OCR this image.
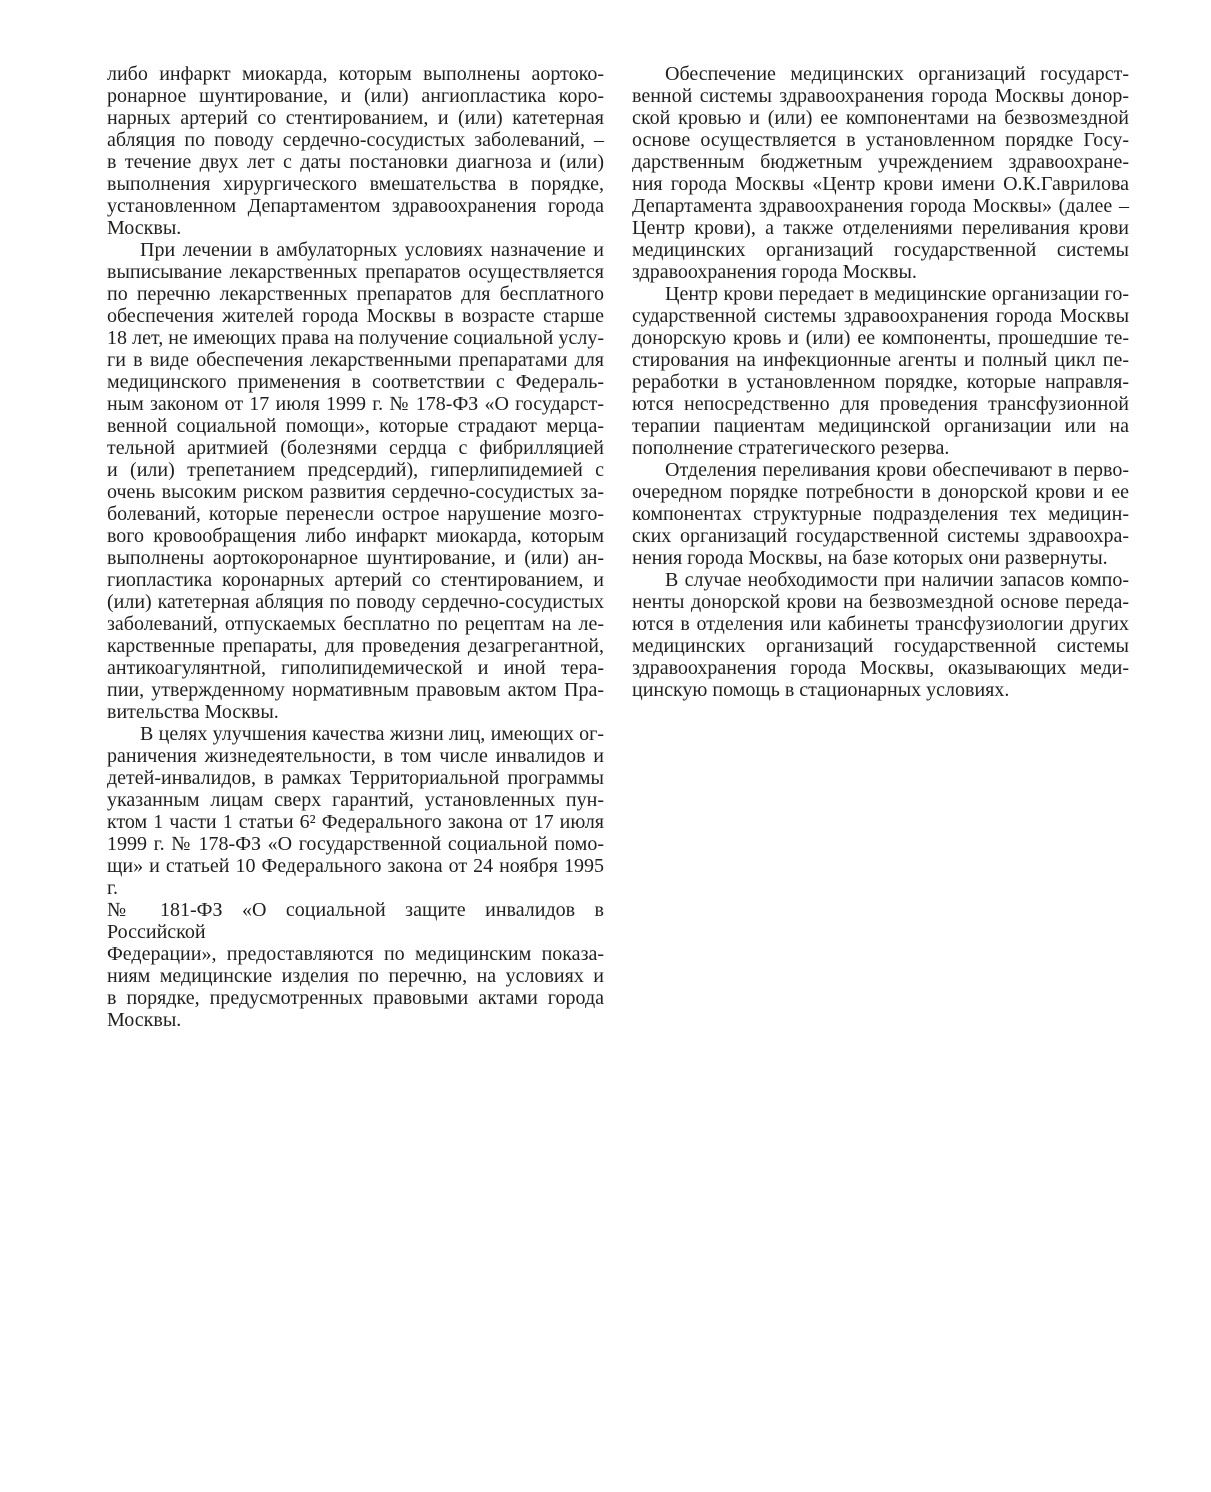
либо инфаркт миокарда, которым выполнены аортоко-
ронарное шунтирование, и (или) ангиопластика коро-
нарных артерий со стентированием, и (или) катетерная
абляция по поводу сердечно-сосудистых заболеваний, –
в течение двух лет с даты постановки диагноза и (или)
выполнения хирургического вмешательства в порядке,
установленном Департаментом здравоохранения города
Москвы.
При лечении в амбулаторных условиях назначение и
выписывание лекарственных препаратов осуществляется
по перечню лекарственных препаратов для бесплатного
обеспечения жителей города Москвы в возрасте старше
18 лет, не имеющих права на получение социальной услу-
ги в виде обеспечения лекарственными препаратами для
медицинского применения в соответствии с Федераль-
ным законом от 17 июля 1999 г. № 178-ФЗ «О государст-
венной социальной помощи», которые страдают мерца-
тельной аритмией (болезнями сердца с фибрилляцией
и (или) трепетанием предсердий), гиперлипидемией с
очень высоким риском развития сердечно-сосудистых за-
болеваний, которые перенесли острое нарушение мозго-
вого кровообращения либо инфаркт миокарда, которым
выполнены аортокоронарное шунтирование, и (или) ан-
гиопластика коронарных артерий со стентированием, и
(или) катетерная абляция по поводу сердечно-сосудистых
заболеваний, отпускаемых бесплатно по рецептам на ле-
карственные препараты, для проведения дезагрегантной,
антикоагулянтной, гиполипидемической и иной тера-
пии, утвержденному нормативным правовым актом Пра-
вительства Москвы.
В целях улучшения качества жизни лиц, имеющих ог-
раничения жизнедеятельности, в том числе инвалидов и
детей-инвалидов, в рамках Территориальной программы
указанным лицам сверх гарантий, установленных пун-
ктом 1 части 1 статьи 6² Федерального закона от 17 июля
1999 г. № 178-ФЗ «О государственной социальной помо-
щи» и статьей 10 Федерального закона от 24 ноября 1995 г.
№ 181-ФЗ «О социальной защите инвалидов в Российской
Федерации», предоставляются по медицинским показа-
ниям медицинские изделия по перечню, на условиях и
в порядке, предусмотренных правовыми актами города
Москвы.
Обеспечение медицинских организаций государст-
венной системы здравоохранения города Москвы донор-
ской кровью и (или) ее компонентами на безвозмездной
основе осуществляется в установленном порядке Госу-
дарственным бюджетным учреждением здравоохране-
ния города Москвы «Центр крови имени О.К.Гаврилова
Департамента здравоохранения города Москвы» (далее –
Центр крови), а также отделениями переливания крови
медицинских организаций государственной системы
здравоохранения города Москвы.
Центр крови передает в медицинские организации го-
сударственной системы здравоохранения города Москвы
донорскую кровь и (или) ее компоненты, прошедшие те-
стирования на инфекционные агенты и полный цикл пе-
реработки в установленном порядке, которые направля-
ются непосредственно для проведения трансфузионной
терапии пациентам медицинской организации или на
пополнение стратегического резерва.
Отделения переливания крови обеспечивают в перво-
очередном порядке потребности в донорской крови и ее
компонентах структурные подразделения тех медицин-
ских организаций государственной системы здравоохра-
нения города Москвы, на базе которых они развернуты.
В случае необходимости при наличии запасов компо-
ненты донорской крови на безвозмездной основе переда-
ются в отделения или кабинеты трансфузиологии других
медицинских организаций государственной системы
здравоохранения города Москвы, оказывающих меди-
цинскую помощь в стационарных условиях.
